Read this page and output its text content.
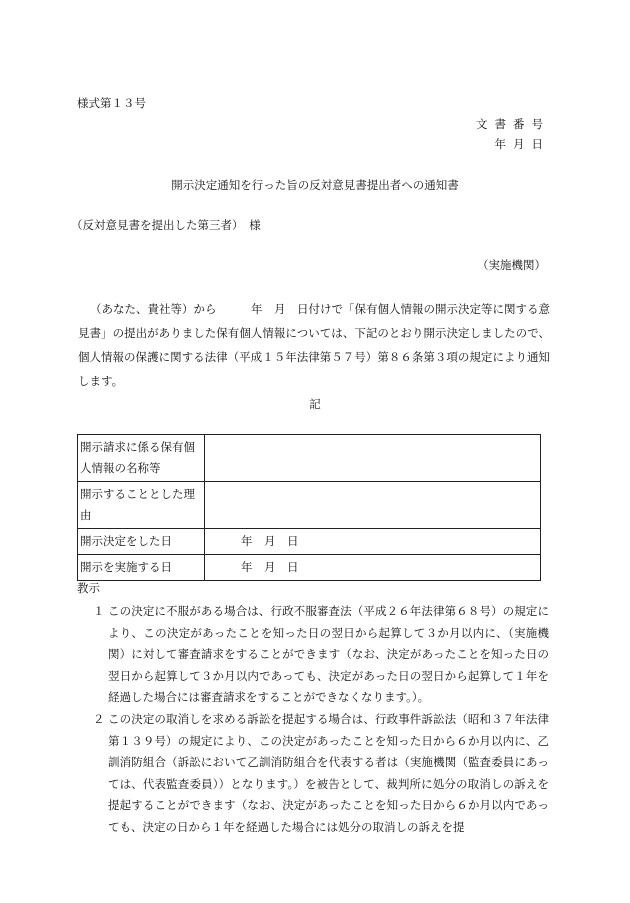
様式第１３号
文書番号
年月日
開示決定通知を行った旨の反対意見書提出者への通知書
（反対意見書を提出した第三者）　様
（実施機関）
（あなた、貴社等）から　　　年　月　日付けで「保有個人情報の開示決定等に関する意見書」の提出がありました保有個人情報については、下記のとおり開示決定しましたので、個人情報の保護に関する法律（平成１５年法律第５７号）第８６条第３項の規定により通知します。
記
開示請求に係る保有個人情報の名称等	
開示することとした理由	
開示決定をした日	年　月　日
開示を実施する日	年　月　日
教示
１ この決定に不服がある場合は、行政不服審査法（平成２６年法律第６８号）の規定により、この決定があったことを知った日の翌日から起算して３か月以内に、（実施機関）に対して審査請求をすることができます（なお、決定があったことを知った日の翌日から起算して３か月以内であっても、決定があった日の翌日から起算して１年を経過した場合には審査請求をすることができなくなります。）。
２ この決定の取消しを求める訴訟を提起する場合は、行政事件訴訟法（昭和３７年法律第１３９号）の規定により、この決定があったことを知った日から６か月以内に、乙訓消防組合（訴訟において乙訓消防組合を代表する者は（実施機関（監査委員にあっては、代表監査委員））となります。）を被告として、裁判所に処分の取消しの訴えを提起することができます（なお、決定があったことを知った日から６か月以内であっても、決定の日から１年を経過した場合には処分の取消しの訴えを提
